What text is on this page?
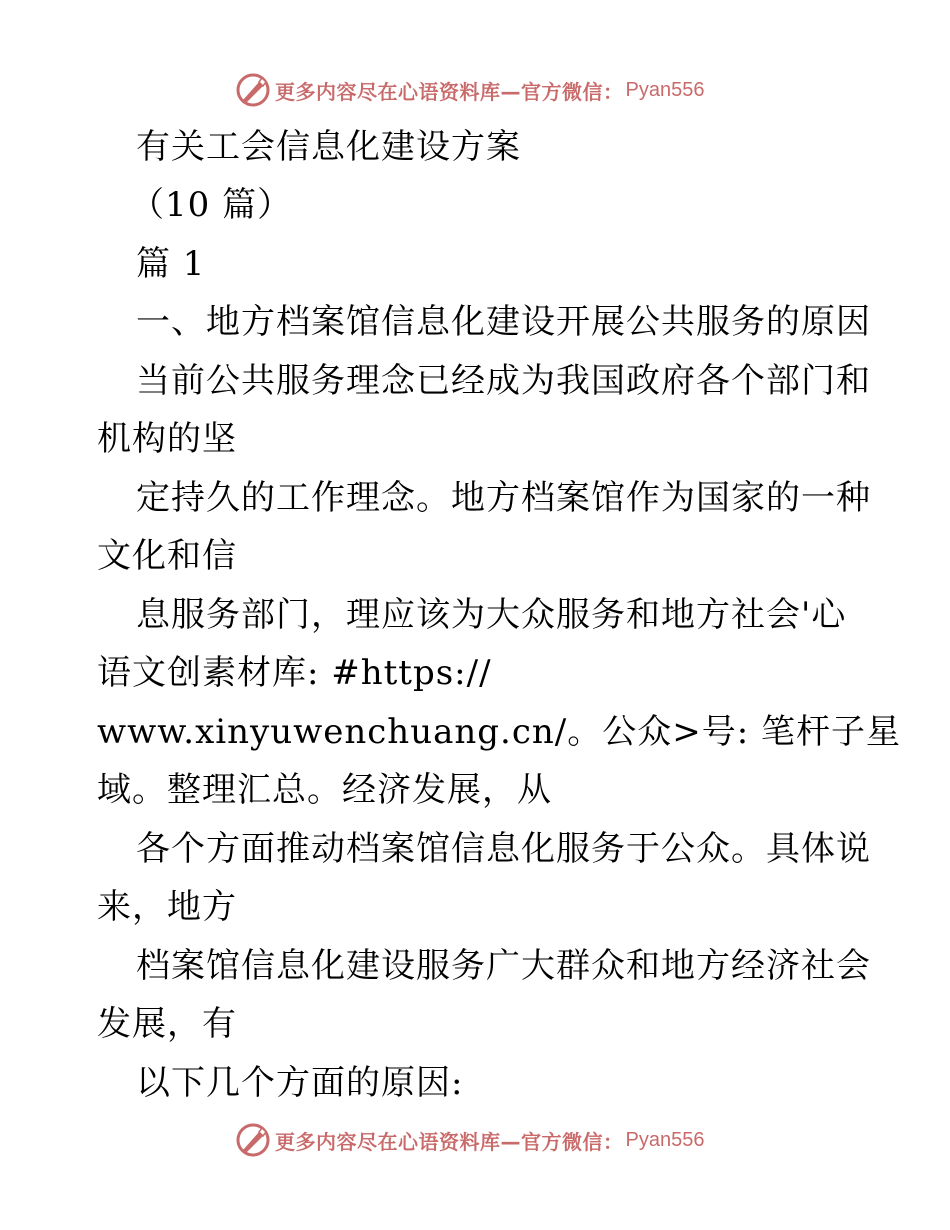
更多内容尽在心语资料库—官方微信： Pyan556
有关工会信息化建设方案
（10 篇）
篇 1
一、地方档案馆信息化建设开展公共服务的原因
当前公共服务理念已经成为我国政府各个部门和
机构的坚
定持久的工作理念。地方档案馆作为国家的一种
文化和信
息服务部门，理应该为大众服务和地方社会'心
语文创素材库: #https://
www.xinyuwenchuang.cn/。公众>号: 笔杆子星
域。整理汇总。经济发展，从
各个方面推动档案馆信息化服务于公众。具体说
来，地方
档案馆信息化建设服务广大群众和地方经济社会
发展，有
以下几个方面的原因:
更多内容尽在心语资料库—官方微信： Pyan556
